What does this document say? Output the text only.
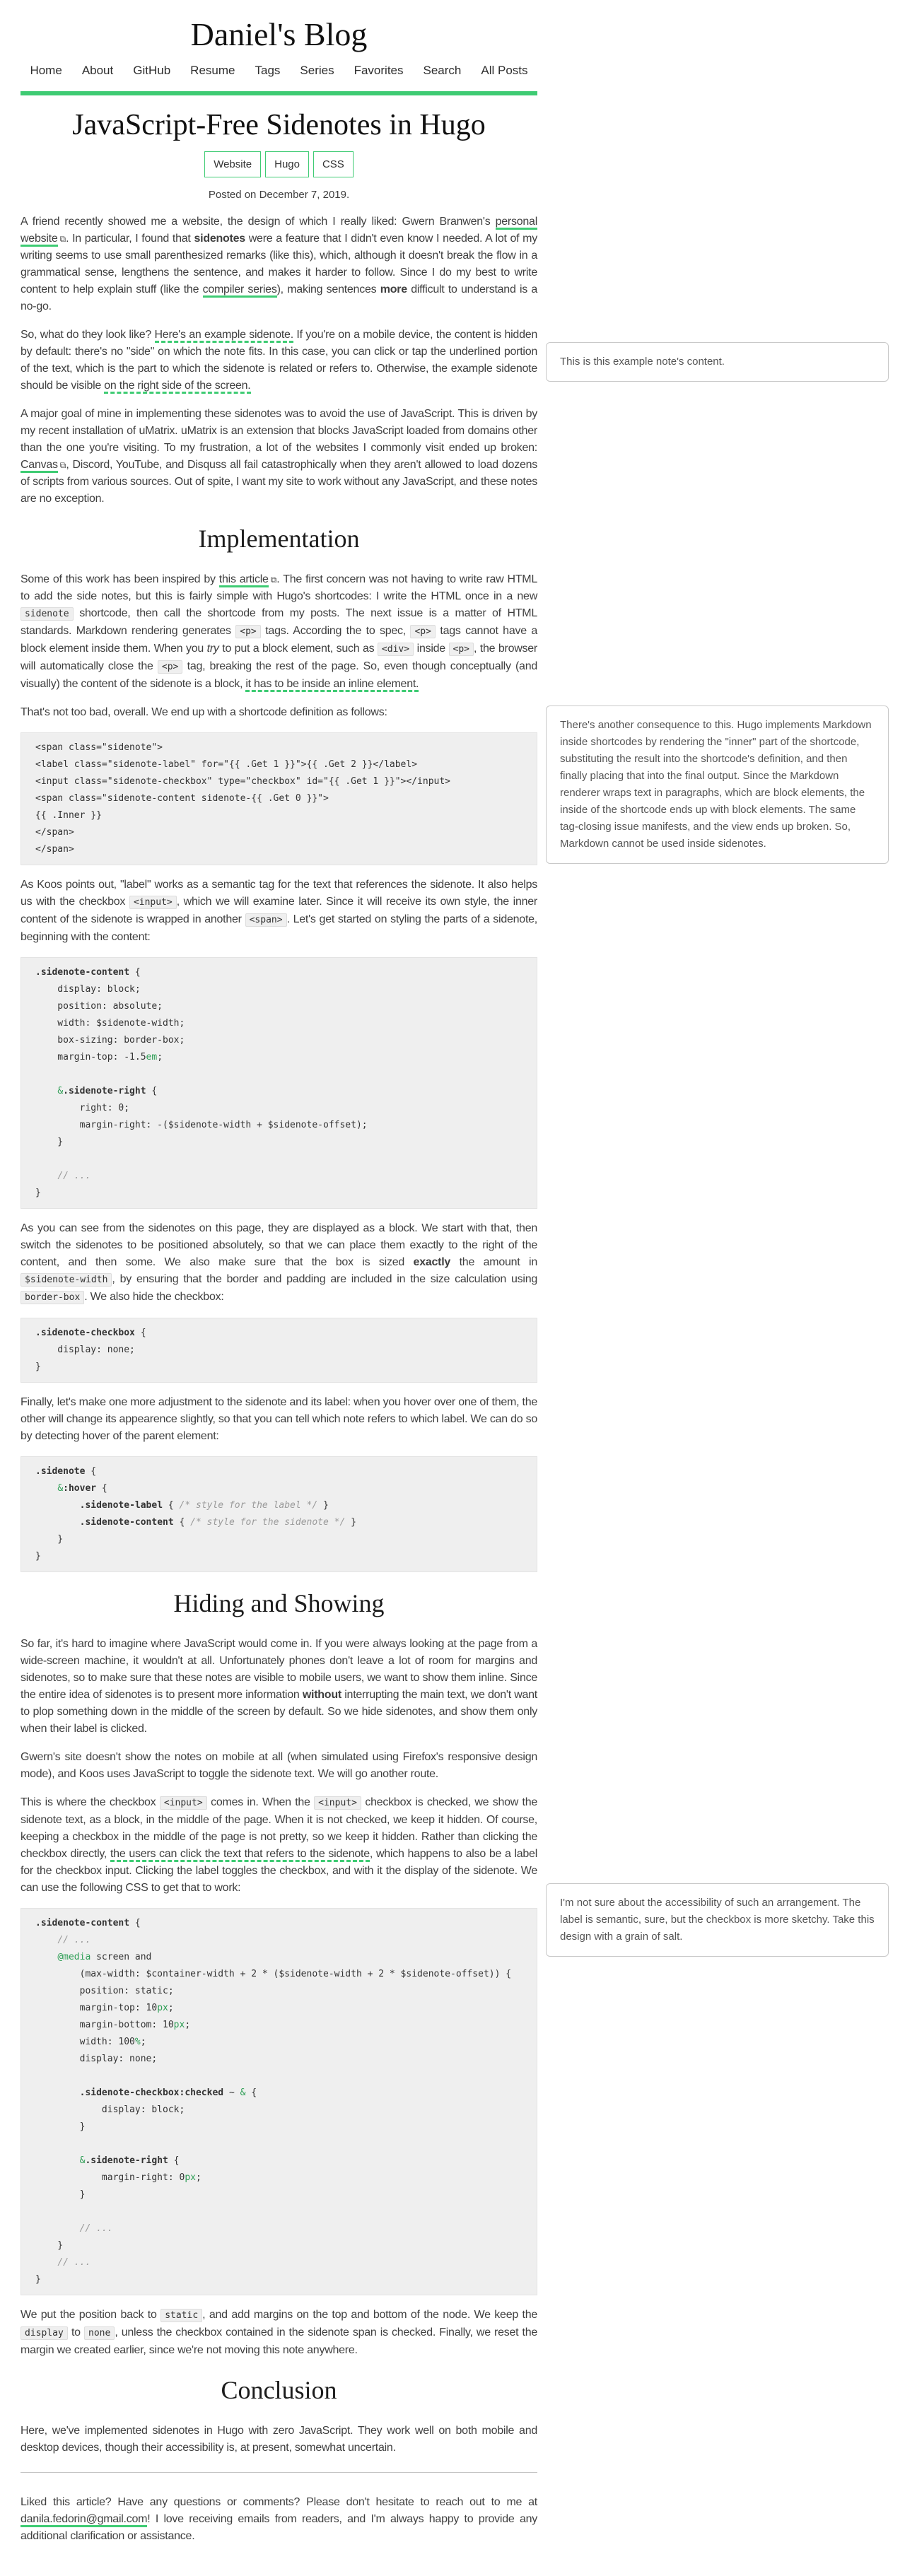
Daniel's Blog
Home About GitHub Resume Tags Series Favorites Search All Posts
JavaScript-Free Sidenotes in Hugo
Website	Hugo	CSS
Posted on December 7, 2019.

A friend recently showed me a website, the design of which I really liked: Gwern Branwen's personal website ⧉. In particular, I found that sidenotes were a feature that I didn't even know I needed. A lot of my writing seems to use small parenthesized remarks (like this), which, although it doesn't break the flow in a grammatical sense, lengthens the sentence, and makes it harder to follow. Since I do my best to write content to help explain stuff (like the compiler series), making sentences more difficult to understand is a no-go.

So, what do they look like? Here's an example sidenote. If you're on a mobile device, the content is hidden by default: there's no "side" on which the note fits. In this case, you can click or tap the underlined portion of the text, which is the part to which the sidenote is related or refers to. Otherwise, the example sidenote should be visible on the right side of the screen.

A major goal of mine in implementing these sidenotes was to avoid the use of JavaScript. This is driven by my recent installation of uMatrix. uMatrix is an extension that blocks JavaScript loaded from domains other than the one you're visiting. To my frustration, a lot of the websites I commonly visit ended up broken: Canvas ⧉, Discord, YouTube, and Disquss all fail catastrophically when they aren't allowed to load dozens of scripts from various sources. Out of spite, I want my site to work without any JavaScript, and these notes are no exception.

Implementation

Some of this work has been inspired by this article ⧉. The first concern was not having to write raw HTML to add the side notes, but this is fairly simple with Hugo's shortcodes: I write the HTML once in a new sidenote shortcode, then call the shortcode from my posts. The next issue is a matter of HTML standards. Markdown rendering generates <p> tags. According the to spec, <p> tags cannot have a block element inside them. When you try to put a block element, such as <div> inside <p> , the browser will automatically close the <p> tag, breaking the rest of the page. So, even though conceptually (and visually) the content of the sidenote is a block, it has to be inside an inline element.

That's not too bad, overall. We end up with a shortcode definition as follows:

<span class="sidenote">
<label class="sidenote-label" for="{{ .Get 1 }}">{{ .Get 2 }}</label>
<input class="sidenote-checkbox" type="checkbox" id="{{ .Get 1 }}"></input>
<span class="sidenote-content sidenote-{{ .Get 0 }}">
{{ .Inner }}
</span>
</span>

As Koos points out, "label" works as a semantic tag for the text that references the sidenote. It also helps us with the checkbox <input> , which we will examine later. Since it will receive its own style, the inner content of the sidenote is wrapped in another <span> . Let's get started on styling the parts of a sidenote, beginning with the content:

.sidenote-content {
display: block;
position: absolute;
width: $sidenote-width;
box-sizing: border-box;
margin-top: -1.5em;

&.sidenote-right {
right: 0;
margin-right: -($sidenote-width + $sidenote-offset);
}

// ...
}

As you can see from the sidenotes on this page, they are displayed as a block. We start with that, then switch the sidenotes to be positioned absolutely, so that we can place them exactly to the right of the content, and then some. We also make sure that the box is sized exactly the amount in $sidenote-width , by ensuring that the border and padding are included in the size calculation using border-box . We also hide the checkbox:

.sidenote-checkbox {
display: none;
}

Finally, let's make one more adjustment to the sidenote and its label: when you hover over one of them, the other will change its appearence slightly, so that you can tell which note refers to which label. We can do so by detecting hover of the parent element:

.sidenote {
&:hover {
.sidenote-label { /* style for the label */ }
.sidenote-content { /* style for the sidenote */ }
}
}
Hiding and Showing

So far, it's hard to imagine where JavaScript would come in. If you were always looking at the page from a wide-screen machine, it wouldn't at all. Unfortunately phones don't leave a lot of room for margins and sidenotes, so to make sure that these notes are visible to mobile users, we want to show them inline. Since the entire idea of sidenotes is to present more information without interrupting the main text, we don't want to plop something down in the middle of the screen by default. So we hide sidenotes, and show them only when their label is clicked.

Gwern's site doesn't show the notes on mobile at all (when simulated using Firefox's responsive design mode), and Koos uses JavaScript to toggle the sidenote text. We will go another route.

This is where the checkbox <input> comes in. When the <input> checkbox is checked, we show the sidenote text, as a block, in the middle of the page. When it is not checked, we keep it hidden. Of course, keeping a checkbox in the middle of the page is not pretty, so we keep it hidden. Rather than clicking the checkbox directly, the users can click the text that refers to the sidenote, which happens to also be a label for the checkbox input. Clicking the label toggles the checkbox, and with it the display of the sidenote. We can use the following CSS to get that to work:

.sidenote-content {
// ...
@media screen and
(max-width: $container-width + 2 * ($sidenote-width + 2 * $sidenote-offset)) {
position: static;
margin-top: 10px;
margin-bottom: 10px;
width: 100%;
display: none;

.sidenote-checkbox:checked ~ & {
display: block;
}

&.sidenote-right {
margin-right: 0px;
}

// ...
}
// ...
}

We put the position back to static , and add margins on the top and bottom of the node. We keep the display to none , unless the checkbox contained in the sidenote span is checked. Finally, we reset the margin we created earlier, since we're not moving this note anywhere.

Conclusion

Here, we've implemented sidenotes in Hugo with zero JavaScript. They work well on both mobile and desktop devices, though their accessibility is, at present, somewhat uncertain.

Liked this article? Have any questions or comments? Please don't hesitate to reach out to me at danila.fedorin@gmail.com! I love receiving emails from readers, and I'm always happy to provide any additional clarification or assistance.

This is this example note's content.
There's another consequence to this. Hugo implements Markdown inside shortcodes by rendering the "inner" part of the shortcode, substituting the result into the shortcode's definition, and then finally placing that into the final output. Since the Markdown renderer wraps text in paragraphs, which are block elements, the inside of the shortcode ends up with block elements. The same tag-closing issue manifests, and the view ends up broken. So, Markdown cannot be used inside sidenotes.
I'm not sure about the accessibility of such an arrangement. The label is semantic, sure, but the checkbox is more sketchy. Take this design with a grain of salt.
